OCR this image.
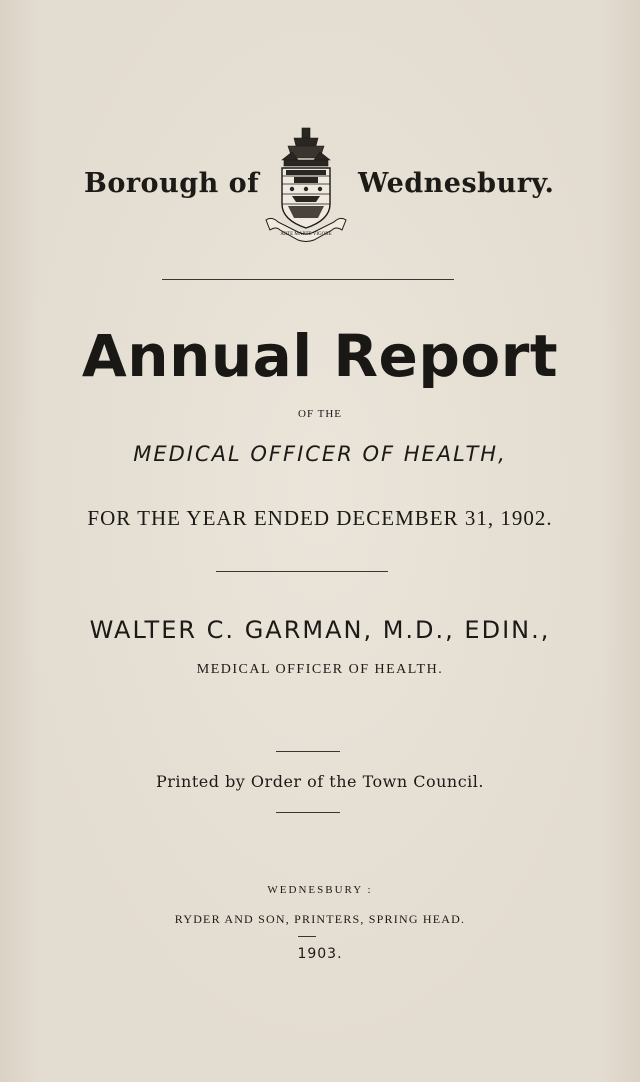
Borough of
ARTE MARTE VIGORE
Wednesbury.
Annual Report
OF THE
MEDICAL OFFICER OF HEALTH,
FOR THE YEAR ENDED DECEMBER 31, 1902.
WALTER C. GARMAN, M.D., EDIN.,
MEDICAL OFFICER OF HEALTH.
Printed by Order of the Town Council.
WEDNESBURY :
RYDER AND SON, PRINTERS, SPRING HEAD.
1903.
